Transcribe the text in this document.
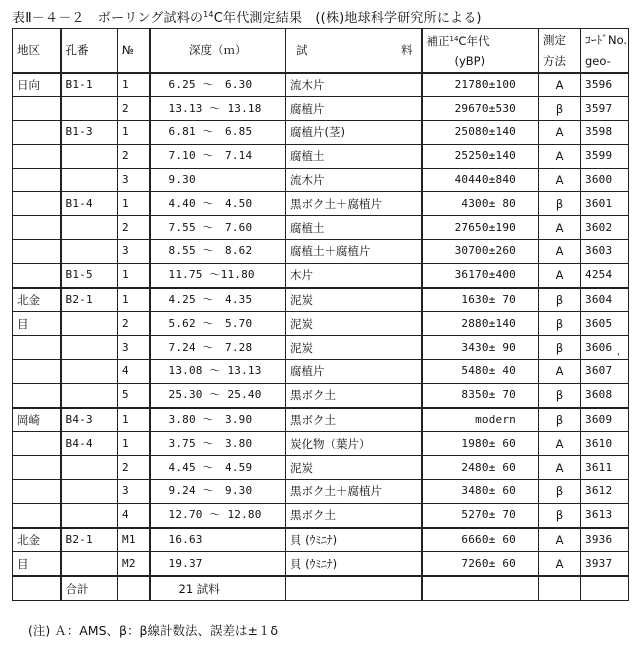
表Ⅱ－４－２　ボーリング試料の$^{14}$C年代測定結果　((株)地球科学研究所による)
地区	孔番	№	深度（ｍ）	試 料	補正$^{14}$C年代	測定	ｺｰﾄﾞNo.
					(yBP)	方法	geo-
日向	B1-1	1	6.25 ～　6.30	流木片	21780±100	A	3596
		2	13.13 ～ 13.18	腐植片	29670±530	β	3597
	B1-3	1	6.81 ～　6.85	腐植片(茎)	25080±140	A	3598
		2	7.10 ～　7.14	腐植土	25250±140	A	3599
		3	9.30	流木片	40440±840	A	3600
	B1-4	1	4.40 ～　4.50	黒ボク土＋腐植片	4300± 80	β	3601
		2	7.55 ～　7.60	腐植土	27650±190	A	3602
		3	8.55 ～　8.62	腐植土＋腐植片	30700±260	A	3603
	B1-5	1	11.75 ～11.80	木片	36170±400	A	4254
北金	B2-1	1	4.25 ～　4.35	泥炭	1630± 70	β	3604
目		2	5.62 ～　5.70	泥炭	2880±140	β	3605
		3	7.24 ～　7.28	泥炭	3430± 90	β	3606
		4	13.08 ～ 13.13	腐植片	5480± 40	A	3607
		5	25.30 ～ 25.40	黒ボク土	8350± 70	β	3608
岡崎	B4-3	1	3.80 ～　3.90	黒ボク土	modern	β	3609
	B4-4	1	3.75 ～　3.80	炭化物（葉片）	1980± 60	A	3610
		2	4.45 ～　4.59	泥炭	2480± 60	A	3611
		3	9.24 ～　9.30	黒ボク土＋腐植片	3480± 60	β	3612
		4	12.70 ～ 12.80	黒ボク土	5270± 70	β	3613
北金	B2-1	M1	16.63	貝 (ｳﾐﾆﾅ)	6660± 60	A	3936
目		M2	19.37	貝 (ｳﾐﾆﾅ)	7260± 60	A	3937
	合計		21 試料				
'
(注) Ａ：AMS、β：β線計数法、誤差は±１δ
